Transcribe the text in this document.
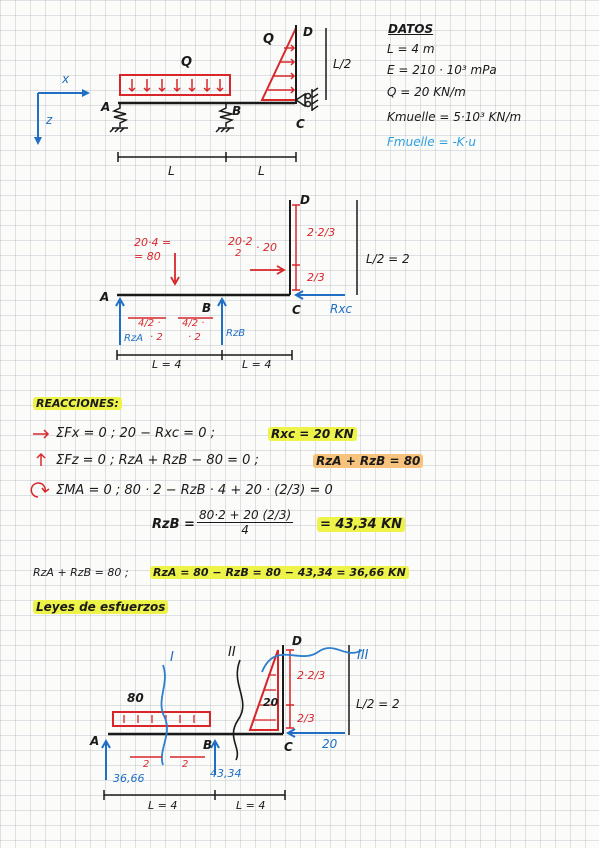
x
z
Q
Q
A	B
C
D
L/2
L	L
DATOS
L = 4 m
E = 210 · 10³ mPa
Q = 20 KN/m
Kmuelle = 5·10³ KN/m
Fmuelle = -K·u
20·4 =
= 80
20·2
2 · 20
2·2/3
2/3
L/2 = 2
A
B	C
D
Rxc
RzA	RzB
4/2 ·
· 2
4/2 ·
· 2
L = 4	L = 4
REACCIONES:
ΣFx = 0 ; 20 − Rxc = 0 ;	Rxc = 20 KN
ΣFz = 0 ; RzA + RzB − 80 = 0 ;	RzA + RzB = 80
ΣMA = 0 ; 80 · 2 − RzB · 4 + 20 · (2/3) = 0
RzB = $\frac{80\cdot 2 + 20 (2/3)}{4} = 43,34$ KN
RzA + RzB = 80 ; RzA = 80 − RzB = 80 − 43,34 = 36,66 KN
Leyes de esfuerzos
I	II	III
80	20
2·2/3
2/3
L/2 = 2
A	B	C
D
20
36,66	43,34
2	2
L = 4	L = 4
